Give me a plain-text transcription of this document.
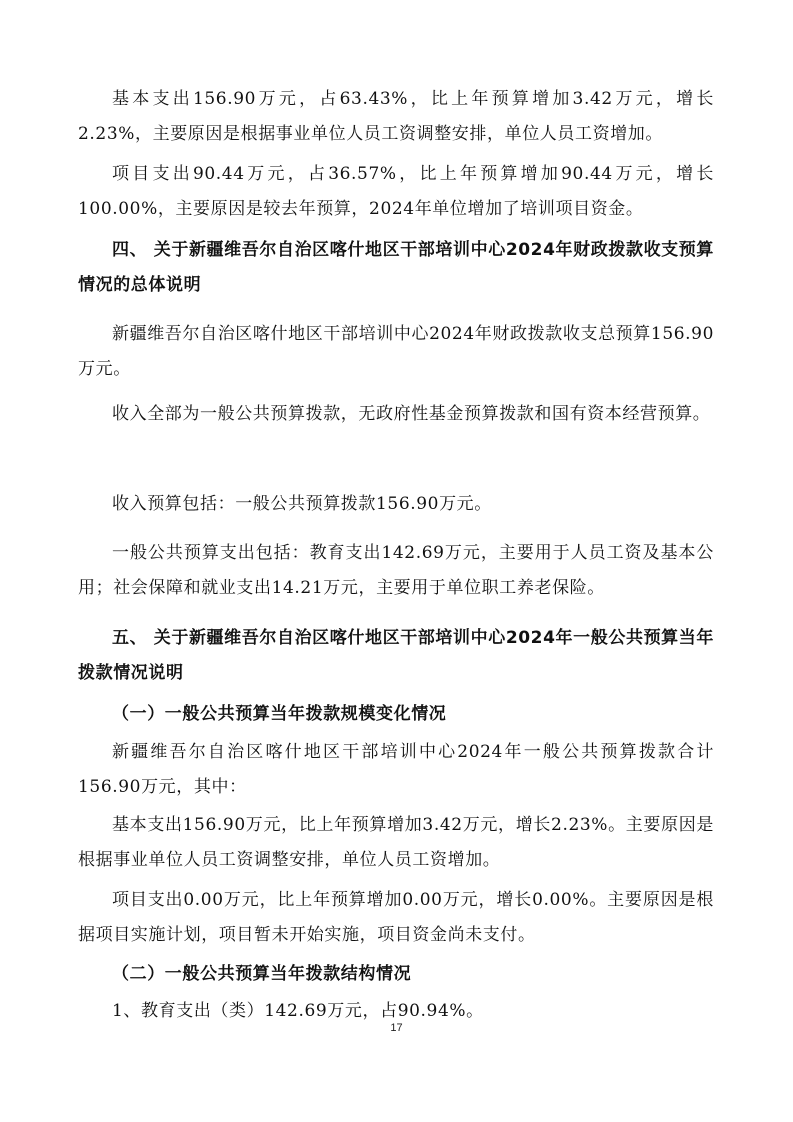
基本支出156.90万元，占63.43%，比上年预算增加3.42万元，增长2.23%，主要原因是根据事业单位人员工资调整安排，单位人员工资增加。

项目支出90.44万元，占36.57%，比上年预算增加90.44万元，增长100.00%，主要原因是较去年预算，2024年单位增加了培训项目资金。

四、 关于新疆维吾尔自治区喀什地区干部培训中心2024年财政拨款收支预算情况的总体说明

新疆维吾尔自治区喀什地区干部培训中心2024年财政拨款收支总预算156.90万元。

收入全部为一般公共预算拨款，无政府性基金预算拨款和国有资本经营预算。

收入预算包括：一般公共预算拨款156.90万元。

一般公共预算支出包括：教育支出142.69万元，主要用于人员工资及基本公用；社会保障和就业支出14.21万元，主要用于单位职工养老保险。

五、 关于新疆维吾尔自治区喀什地区干部培训中心2024年一般公共预算当年拨款情况说明

（一）一般公共预算当年拨款规模变化情况

新疆维吾尔自治区喀什地区干部培训中心2024年一般公共预算拨款合计156.90万元，其中：

基本支出156.90万元，比上年预算增加3.42万元，增长2.23%。主要原因是根据事业单位人员工资调整安排，单位人员工资增加。

项目支出0.00万元，比上年预算增加0.00万元，增长0.00%。主要原因是根据项目实施计划，项目暂未开始实施，项目资金尚未支付。

（二）一般公共预算当年拨款结构情况

1、教育支出（类）142.69万元，占90.94%。

17
